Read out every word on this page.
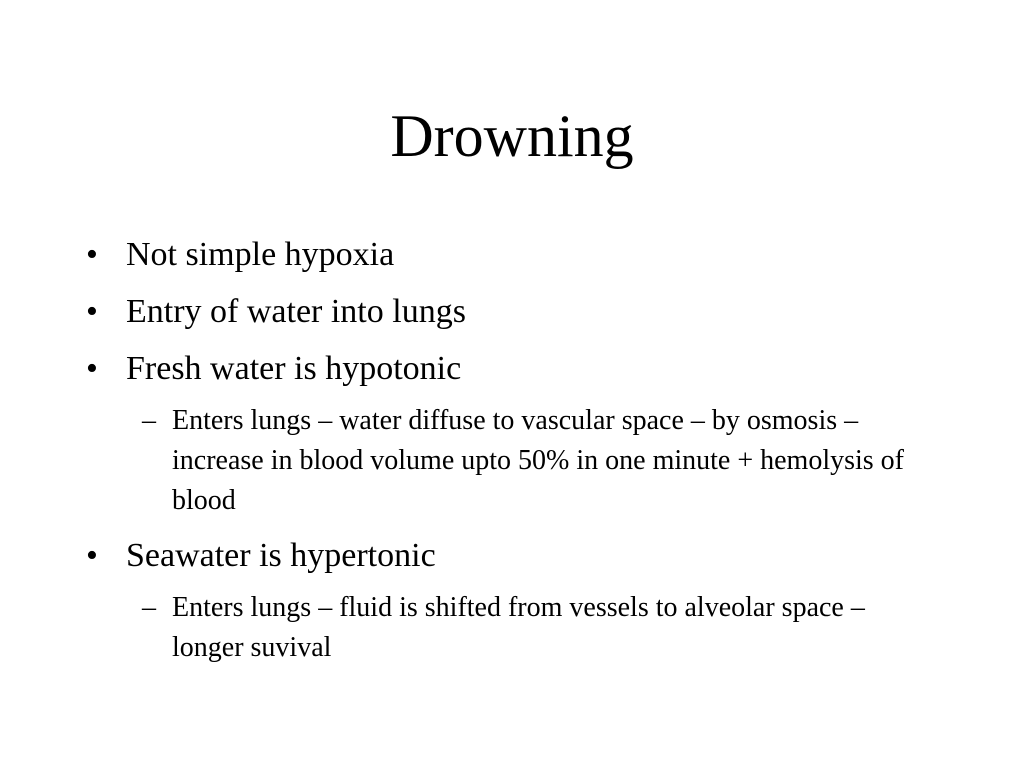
Drowning
• Not simple hypoxia
• Entry of water into lungs
• Fresh water is hypotonic
– Enters lungs – water diffuse to vascular space – by osmosis – increase in blood volume upto 50% in one minute + hemolysis of blood
• Seawater is hypertonic
– Enters lungs – fluid is shifted from vessels to alveolar space – longer suvival
